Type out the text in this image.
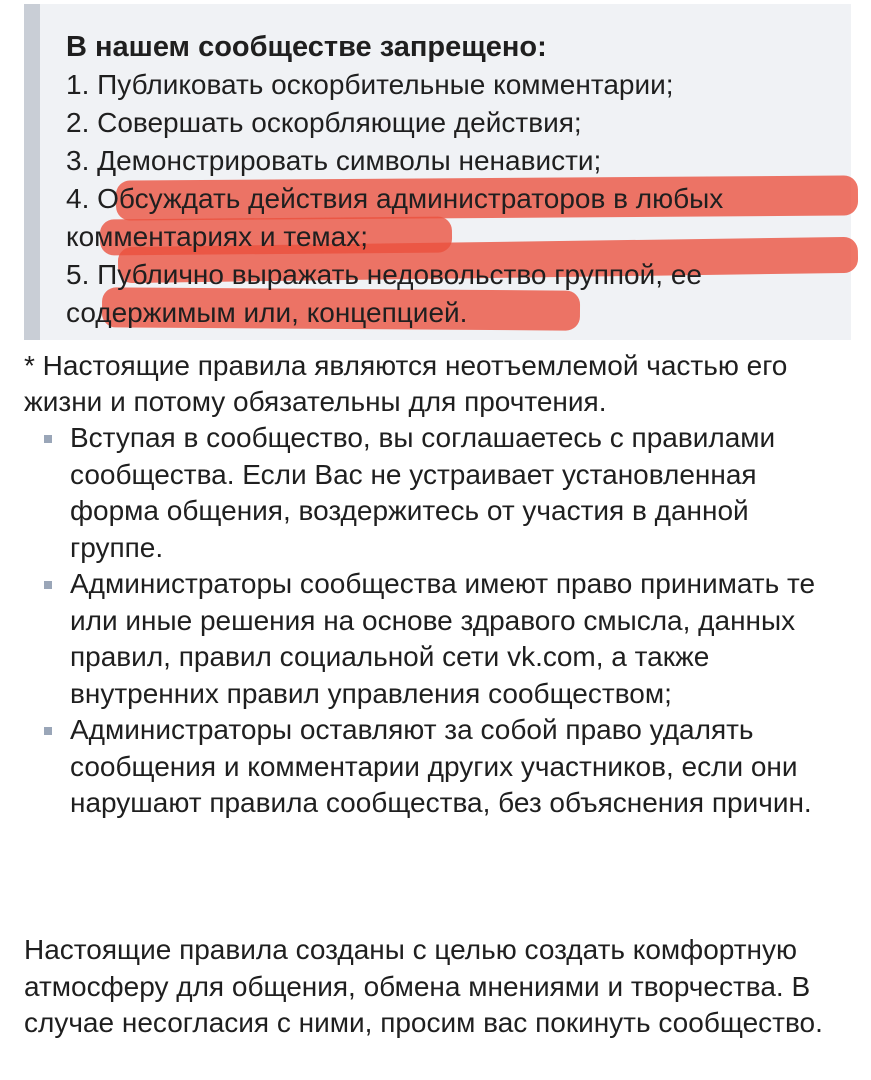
В нашем сообществе запрещено:

1. Публиковать оскорбительные комментарии;
2. Совершать оскорбляющие действия;
3. Демонстрировать символы ненависти;
4. Обсуждать действия администраторов в любых
комментариях и темах;
5. Публично выражать недовольство группой, ее
содержимым или, концепцией.
* Настоящие правила являются неотъемлемой частью его жизни и потому обязательны для прочтения.
Вступая в сообщество, вы соглашаетесь с правилами сообщества. Если Вас не устраивает установленная форма общения, воздержитесь от участия в данной группе.
Администраторы сообщества имеют право принимать те или иные решения на основе здравого смысла, данных правил, правил социальной сети vk.com, а также внутренних правил управления сообществом;
Администраторы оставляют за собой право удалять сообщения и комментарии других участников, если они нарушают правила сообщества, без объяснения причин.
Настоящие правила созданы с целью создать комфортную атмосферу для общения, обмена мнениями и творчества. В случае несогласия с ними, просим вас покинуть сообщество.
